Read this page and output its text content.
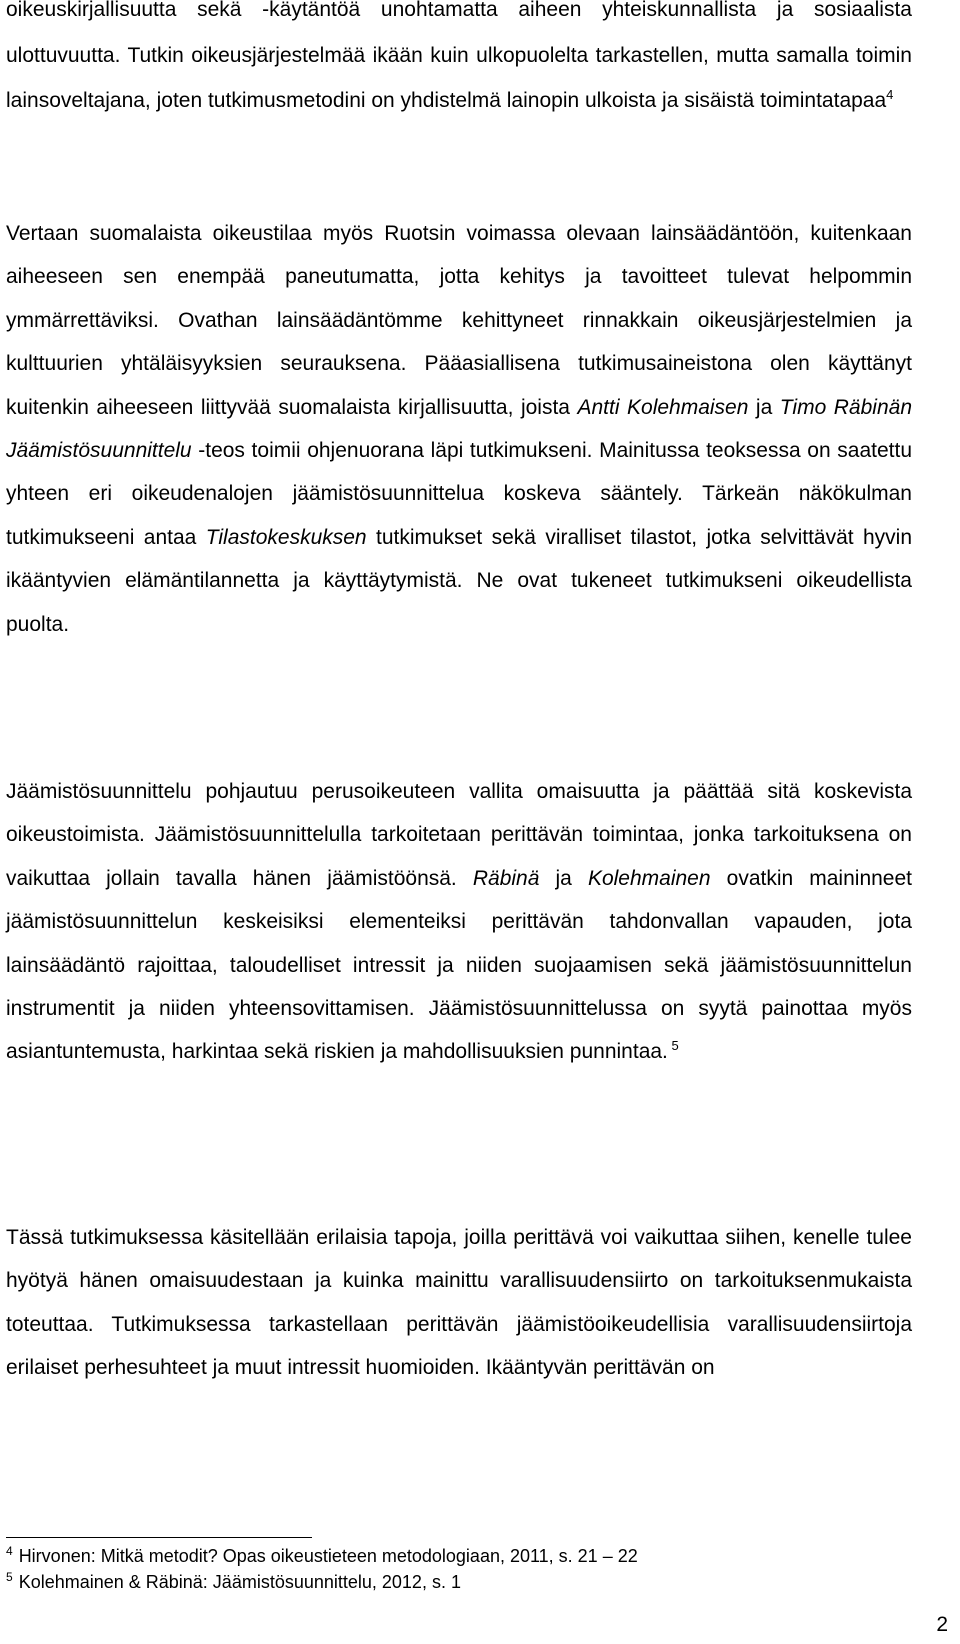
oikeuskirjallisuutta sekä -käytäntöä unohtamatta aiheen yhteiskunnallista ja sosiaalista ulottuvuutta. Tutkin oikeusjärjestelmää ikään kuin ulkopuolelta tarkastellen, mutta samalla toimin lainsoveltajana, joten tutkimusmetodini on yhdistelmä lainopin ulkoista ja sisäistä toimintatapaa$^4$

Vertaan suomalaista oikeustilaa myös Ruotsin voimassa olevaan lainsäädäntöön, kuitenkaan aiheeseen sen enempää paneutumatta, jotta kehitys ja tavoitteet tulevat helpommin ymmärrettäviksi. Ovathan lainsäädäntömme kehittyneet rinnakkain oikeusjärjestelmien ja kulttuurien yhtäläisyyksien seurauksena. Pääasiallisena tutkimusaineistona olen käyttänyt kuitenkin aiheeseen liittyvää suomalaista kirjallisuutta, joista Antti Kolehmaisen ja Timo Räbinän Jäämistösuunnittelu -teos toimii ohjenuorana läpi tutkimukseni. Mainitussa teoksessa on saatettu yhteen eri oikeudenalojen jäämistösuunnittelua koskeva sääntely. Tärkeän näkökulman tutkimukseeni antaa Tilastokeskuksen tutkimukset sekä viralliset tilastot, jotka selvittävät hyvin ikääntyvien elämäntilannetta ja käyttäytymistä. Ne ovat tukeneet tutkimukseni oikeudellista puolta.

Jäämistösuunnittelu pohjautuu perusoikeuteen vallita omaisuutta ja päättää sitä koskevista oikeustoimista. Jäämistösuunnittelulla tarkoitetaan perittävän toimintaa, jonka tarkoituksena on vaikuttaa jollain tavalla hänen jäämistöönsä. Räbinä ja Kolehmainen ovatkin maininneet jäämistösuunnittelun keskeisiksi elementeiksi perittävän tahdonvallan vapauden, jota lainsäädäntö rajoittaa, taloudelliset intressit ja niiden suojaamisen sekä jäämistösuunnittelun instrumentit ja niiden yhteensovittamisen. Jäämistösuunnittelussa on syytä painottaa myös asiantuntemusta, harkintaa sekä riskien ja mahdollisuuksien punnintaa. $^5$

Tässä tutkimuksessa käsitellään erilaisia tapoja, joilla perittävä voi vaikuttaa siihen, kenelle tulee hyötyä hänen omaisuudestaan ja kuinka mainittu varallisuudensiirto on tarkoituksenmukaista toteuttaa. Tutkimuksessa tarkastellaan perittävän jäämistöoikeudellisia varallisuudensiirtoja erilaiset perhesuhteet ja muut intressit huomioiden. Ikääntyvän perittävän on

$^4$ Hirvonen: Mitkä metodit? Opas oikeustieteen metodologiaan, 2011, s. 21 – 22

$^5$ Kolehmainen & Räbinä: Jäämistösuunnittelu, 2012, s. 1

2
